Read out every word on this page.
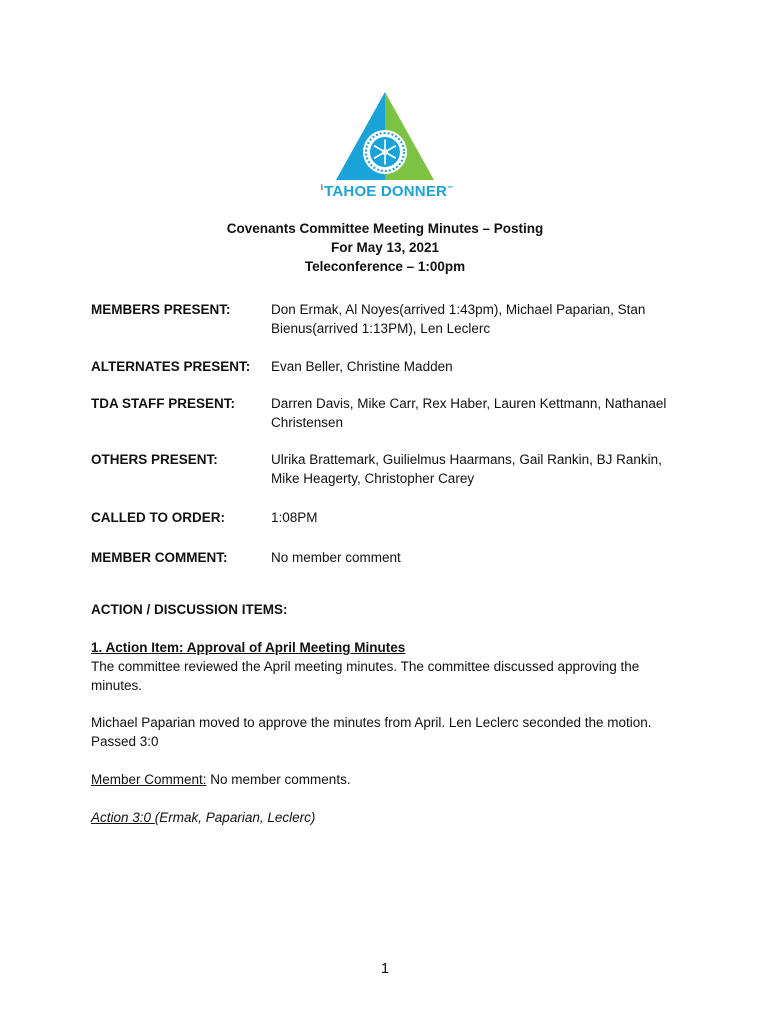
$^i$TAHOE DONNER™
Covenants Committee Meeting Minutes – Posting
For May 13, 2021
Teleconference – 1:00pm
MEMBERS PRESENT:	Don Ermak, Al Noyes(arrived 1:43pm), Michael Paparian, Stan Bienus(arrived 1:13PM), Len Leclerc
ALTERNATES PRESENT: Evan Beller, Christine Madden
TDA STAFF PRESENT:	Darren Davis, Mike Carr, Rex Haber, Lauren Kettmann, Nathanael Christensen
OTHERS PRESENT:	Ulrika Brattemark, Guilielmus Haarmans, Gail Rankin, BJ Rankin, Mike Heagerty, Christopher Carey
CALLED TO ORDER:	1:08PM
MEMBER COMMENT:	No member comment
ACTION / DISCUSSION ITEMS:
1. Action Item: Approval of April Meeting Minutes
The committee reviewed the April meeting minutes. The committee discussed approving the minutes.
Michael Paparian moved to approve the minutes from April. Len Leclerc seconded the motion. Passed 3:0
Member Comment: No member comments.
Action 3:0 (Ermak, Paparian, Leclerc)
1
